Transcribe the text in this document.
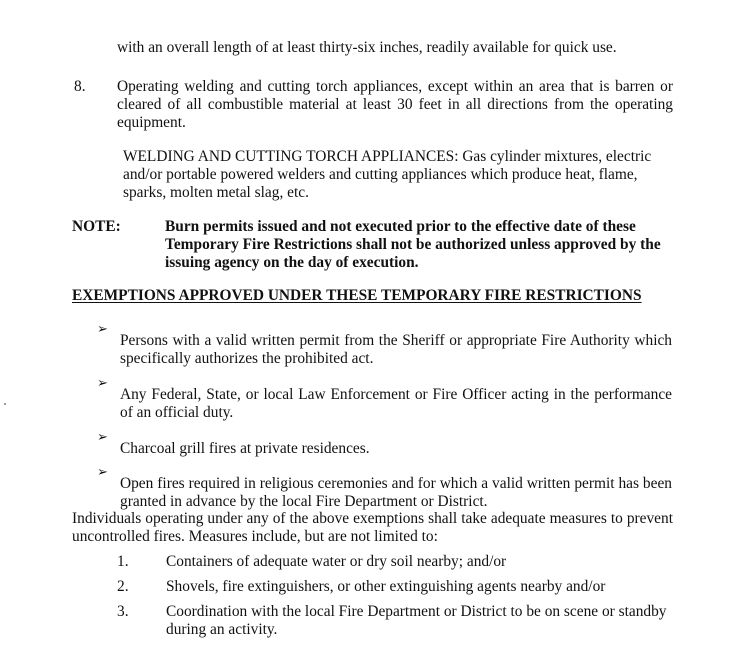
with an overall length of at least thirty-six inches, readily available for quick use.

8. Operating welding and cutting torch appliances, except within an area that is barren or cleared of all combustible material at least 30 feet in all directions from the operating equipment.

WELDING AND CUTTING TORCH APPLIANCES: Gas cylinder mixtures, electric and/or portable powered welders and cutting appliances which produce heat, flame, sparks, molten metal slag, etc.

NOTE:	Burn permits issued and not executed prior to the effective date of these Temporary Fire Restrictions shall not be authorized unless approved by the issuing agency on the day of execution.

EXEMPTIONS APPROVED UNDER THESE TEMPORARY FIRE RESTRICTIONS
➢

Persons with a valid written permit from the Sheriff or appropriate Fire Authority which specifically authorizes the prohibited act.

➢

Any Federal, State, or local Law Enforcement or Fire Officer acting in the performance of an official duty.

➢

Charcoal grill fires at private residences.

➢

Open fires required in religious ceremonies and for which a valid written permit has been granted in advance by the local Fire Department or District.

Individuals operating under any of the above exemptions shall take adequate measures to prevent uncontrolled fires. Measures include, but are not limited to:

1. Containers of adequate water or dry soil nearby; and/or
2. Shovels, fire extinguishers, or other extinguishing agents nearby and/or
3. Coordination with the local Fire Department or District to be on scene or standby during an activity.
